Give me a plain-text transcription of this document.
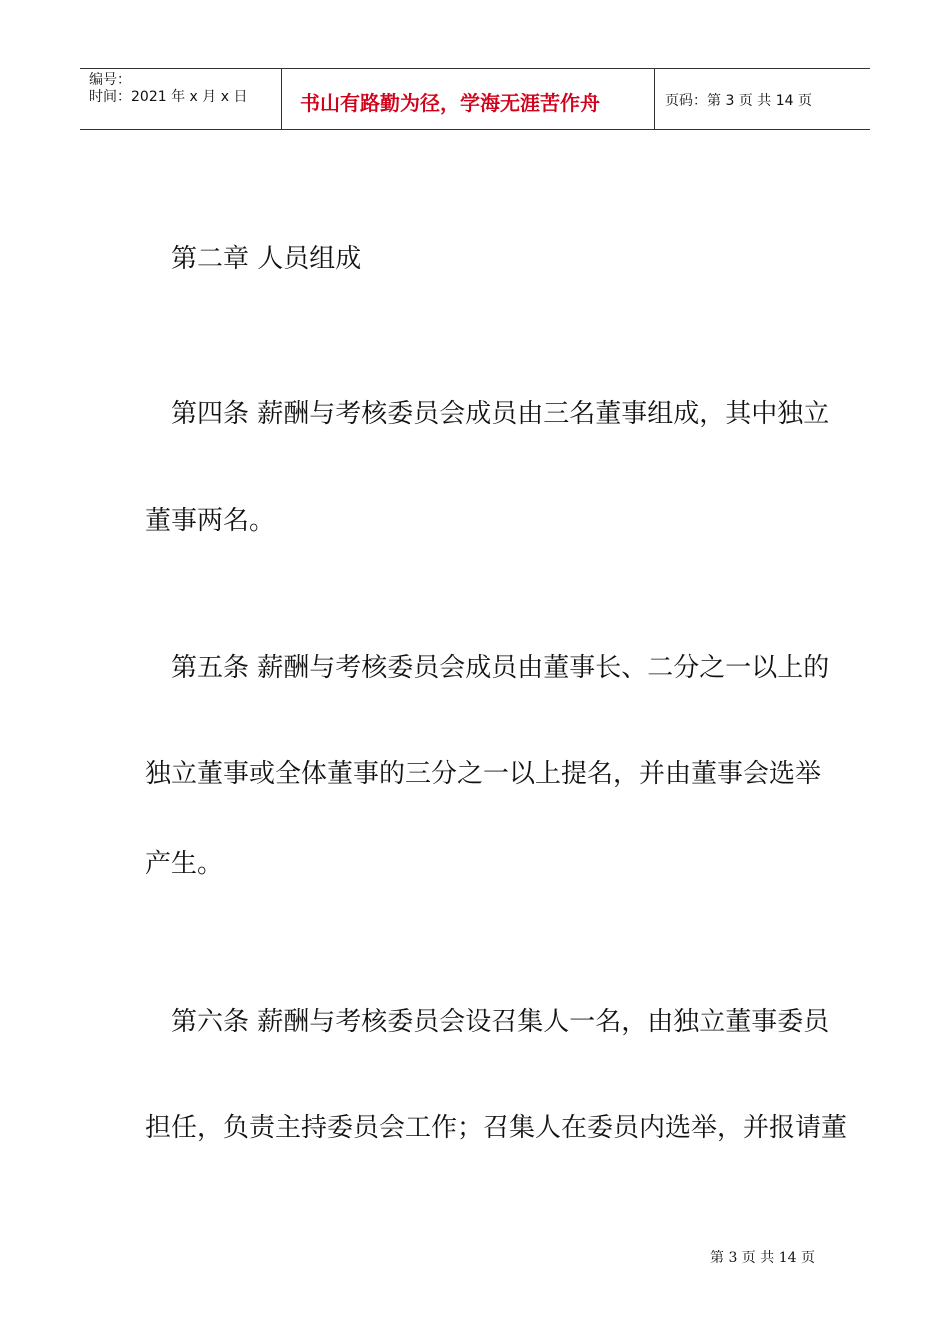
编号：
时间：2021 年 x 月 x 日	书山有路勤为径，学海无涯苦作舟	页码：第 3 页 共 14 页
第二章 人员组成
第四条 薪酬与考核委员会成员由三名董事组成，其中独立
董事两名。
第五条 薪酬与考核委员会成员由董事长、二分之一以上的
独立董事或全体董事的三分之一以上提名，并由董事会选举
产生。
第六条 薪酬与考核委员会设召集人一名，由独立董事委员
担任，负责主持委员会工作；召集人在委员内选举，并报请董
第 3 页 共 14 页
